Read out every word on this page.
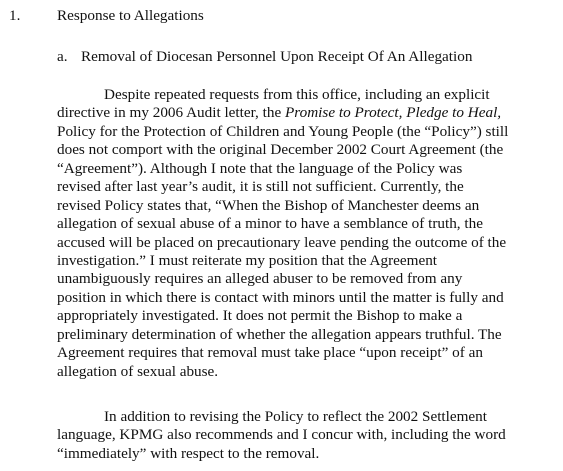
1. Response to Allegations
a. Removal of Diocesan Personnel Upon Receipt Of An Allegation
Despite repeated requests from this office, including an explicit
directive in my 2006 Audit letter, the Promise to Protect, Pledge to Heal,
Policy for the Protection of Children and Young People (the “Policy”) still
does not comport with the original December 2002 Court Agreement (the
“Agreement”). Although I note that the language of the Policy was
revised after last year’s audit, it is still not sufficient. Currently, the
revised Policy states that, “When the Bishop of Manchester deems an
allegation of sexual abuse of a minor to have a semblance of truth, the
accused will be placed on precautionary leave pending the outcome of the
investigation.” I must reiterate my position that the Agreement
unambiguously requires an alleged abuser to be removed from any
position in which there is contact with minors until the matter is fully and
appropriately investigated. It does not permit the Bishop to make a
preliminary determination of whether the allegation appears truthful. The
Agreement requires that removal must take place “upon receipt” of an
allegation of sexual abuse.
In addition to revising the Policy to reflect the 2002 Settlement
language, KPMG also recommends and I concur with, including the word
“immediately” with respect to the removal.
